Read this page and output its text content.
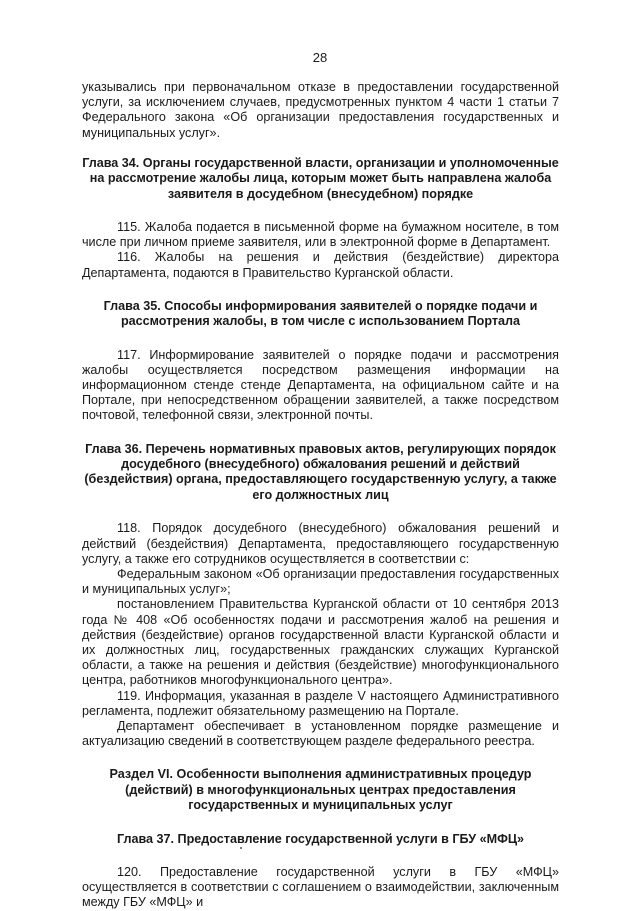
28

указывались при первоначальном отказе в предоставлении государственной услуги, за исключением случаев, предусмотренных пунктом 4 части 1 статьи 7 Федерального закона «Об организации предоставления государственных и муниципальных услуг».

Глава 34. Органы государственной власти, организации и уполномоченные на рассмотрение жалобы лица, которым может быть направлена жалоба заявителя в досудебном (внесудебном) порядке

115. Жалоба подается в письменной форме на бумажном носителе, в том числе при личном приеме заявителя, или в электронной форме в Департамент.

116. Жалобы на решения и действия (бездействие) директора Департамента, подаются в Правительство Курганской области.

Глава 35. Способы информирования заявителей о порядке подачи и рассмотрения жалобы, в том числе с использованием Портала

117. Информирование заявителей о порядке подачи и рассмотрения жалобы осуществляется посредством размещения информации на информационном стенде стенде Департамента, на официальном сайте и на Портале, при непосредственном обращении заявителей, а также посредством почтовой, телефонной связи, электронной почты.

Глава 36. Перечень нормативных правовых актов, регулирующих порядок досудебного (внесудебного) обжалования решений и действий (бездействия) органа, предоставляющего государственную услугу, а также его должностных лиц

118. Порядок досудебного (внесудебного) обжалования решений и действий (бездействия) Департамента, предоставляющего государственную услугу, а также его сотрудников осуществляется в соответствии с:

Федеральным законом «Об организации предоставления государственных и муниципальных услуг»;

постановлением Правительства Курганской области от 10 сентября 2013 года № 408 «Об особенностях подачи и рассмотрения жалоб на решения и действия (бездействие) органов государственной власти Курганской области и их должностных лиц, государственных гражданских служащих Курганской области, а также на решения и действия (бездействие) многофункционального центра, работников многофункционального центра».

119. Информация, указанная в разделе V настоящего Административного регламента, подлежит обязательному размещению на Портале.

Департамент обеспечивает в установленном порядке размещение и актуализацию сведений в соответствующем разделе федерального реестра.

Раздел VI. Особенности выполнения административных процедур (действий) в многофункциональных центрах предоставления государственных и муниципальных услуг

Глава 37. Предоставление государственной услуги в ГБУ «МФЦ»

120. Предоставление государственной услуги в ГБУ «МФЦ» осуществляется в соответствии с соглашением о взаимодействии, заключенным между ГБУ «МФЦ» и
